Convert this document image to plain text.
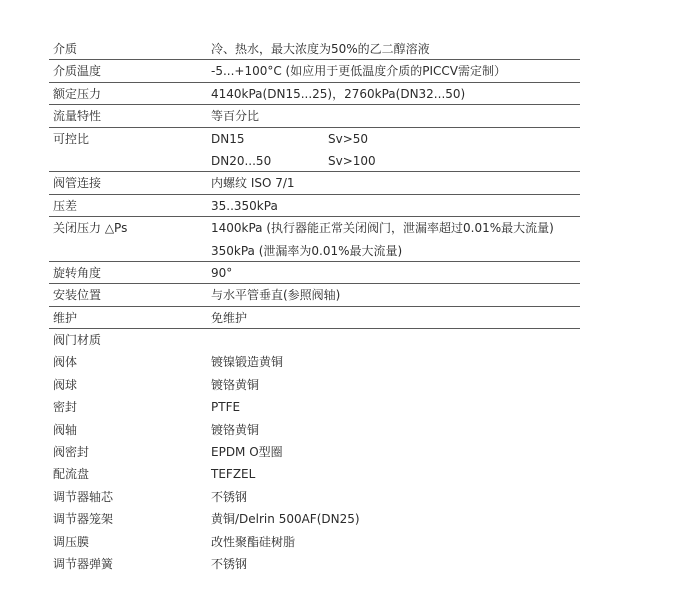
介质	冷、热水，最大浓度为50%的乙二醇溶液
介质温度	-5...+100°C (如应用于更低温度介质的PICCV需定制）
额定压力	4140kPa(DN15...25)，2760kPa(DN32...50)
流量特性	等百分比
可控比	DN15	Sv>50
DN20...50	Sv>100
阀管连接	内螺纹 ISO 7/1
压差	35..350kPa
关闭压力 △Ps	1400kPa (执行器能正常关闭阀门，泄漏率超过0.01%最大流量)
350kPa (泄漏率为0.01%最大流量)
旋转角度	90°
安装位置	与水平管垂直(参照阀轴)
维护	免维护
阀门材质
阀体	镀镍锻造黄铜
阀球	镀铬黄铜
密封	PTFE
阀轴	镀铬黄铜
阀密封	EPDM O型圈
配流盘	TEFZEL
调节器轴芯	不锈钢
调节器笼架	黄铜/Delrin 500AF(DN25)
调压膜	改性聚酯硅树脂
调节器弹簧	不锈钢
